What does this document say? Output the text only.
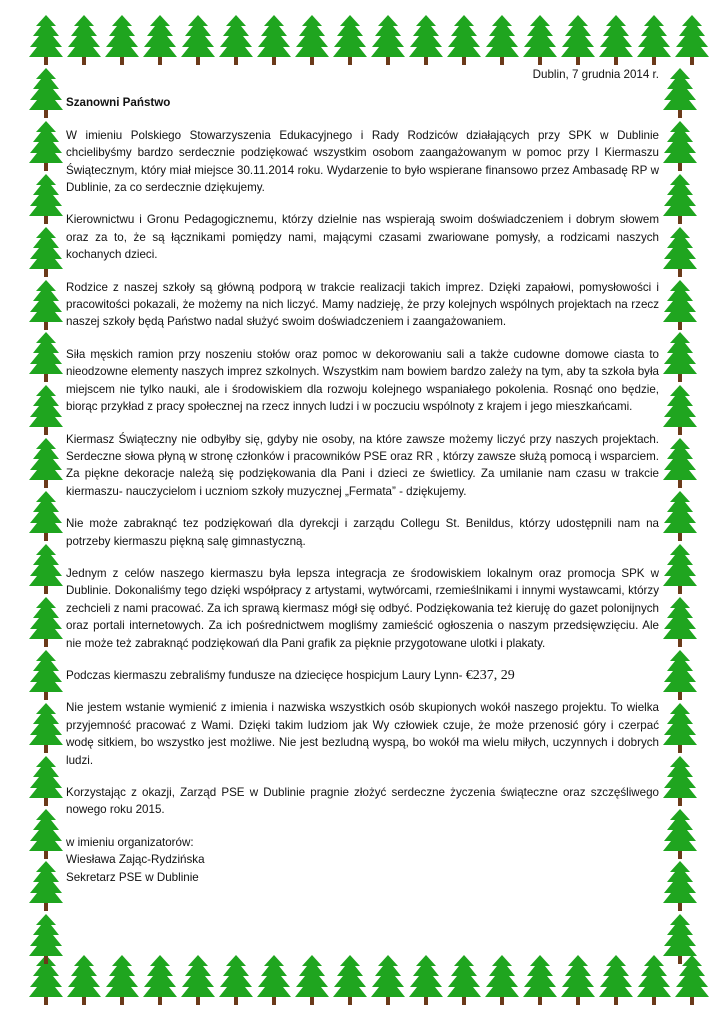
Dublin, 7 grudnia 2014 r.
Szanowni Państwo

W imieniu Polskiego Stowarzyszenia Edukacyjnego i Rady Rodziców działających przy SPK w Dublinie chcielibyśmy bardzo serdecznie podziękować wszystkim osobom zaangażowanym w pomoc przy I Kiermaszu Świątecznym, który miał miejsce 30.11.2014 roku. Wydarzenie to było wspierane finansowo przez Ambasadę RP w Dublinie, za co serdecznie dziękujemy.

Kierownictwu i Gronu Pedagogicznemu, którzy dzielnie nas wspierają swoim doświadczeniem i dobrym słowem oraz za to, że są łącznikami pomiędzy nami, mającymi czasami zwariowane pomysły, a rodzicami naszych kochanych dzieci.

Rodzice z naszej szkoły są główną podporą w trakcie realizacji takich imprez. Dzięki zapałowi, pomysłowości i pracowitości pokazali, że możemy na nich liczyć. Mamy nadzieję, że przy kolejnych wspólnych projektach na rzecz naszej szkoły będą Państwo nadal służyć swoim doświadczeniem i zaangażowaniem.

Siła męskich ramion przy noszeniu stołów oraz pomoc w dekorowaniu sali a także cudowne domowe ciasta to nieodzowne elementy naszych imprez szkolnych. Wszystkim nam bowiem bardzo zależy na tym, aby ta szkoła była miejscem nie tylko nauki, ale i środowiskiem dla rozwoju kolejnego wspaniałego pokolenia. Rosnąć ono będzie, biorąc przykład z pracy społecznej na rzecz innych ludzi i w poczuciu wspólnoty z krajem i jego mieszkańcami.

Kiermasz Świąteczny nie odbyłby się, gdyby nie osoby, na które zawsze możemy liczyć przy naszych projektach. Serdeczne słowa płyną w stronę członków i pracowników PSE oraz RR , którzy zawsze służą pomocą i wsparciem. Za piękne dekoracje należą się podziękowania dla Pani i dzieci ze świetlicy. Za umilanie nam czasu w trakcie kiermaszu- nauczycielom i uczniom szkoły muzycznej „Fermata” - dziękujemy.

Nie może zabraknąć tez podziękowań dla dyrekcji i zarządu Collegu St. Benildus, którzy udostępnili nam na potrzeby kiermaszu piękną salę gimnastyczną.

Jednym z celów naszego kiermaszu była lepsza integracja ze środowiskiem lokalnym oraz promocja SPK w Dublinie. Dokonaliśmy tego dzięki współpracy z artystami, wytwórcami, rzemieślnikami i innymi wystawcami, którzy zechcieli z nami pracować. Za ich sprawą kiermasz mógł się odbyć. Podziękowania też kieruję do gazet polonijnych oraz portali internetowych. Za ich pośrednictwem mogliśmy zamieścić ogłoszenia o naszym przedsięwzięciu. Ale nie może też zabraknąć podziękowań dla Pani grafik za pięknie przygotowane ulotki i plakaty.

Podczas kiermaszu zebraliśmy fundusze na dziecięce hospicjum Laury Lynn- €237, 29

Nie jestem wstanie wymienić z imienia i nazwiska wszystkich osób skupionych wokół naszego projektu. To wielka przyjemność pracować z Wami. Dzięki takim ludziom jak Wy człowiek czuje, że może przenosić góry i czerpać wodę sitkiem, bo wszystko jest możliwe. Nie jest bezludną wyspą, bo wokół ma wielu miłych, uczynnych i dobrych ludzi.

Korzystając z okazji, Zarząd PSE w Dublinie pragnie złożyć serdeczne życzenia świąteczne oraz szczęśliwego nowego roku 2015.

w imieniu organizatorów:
Wiesława Zając-Rydzińska
Sekretarz PSE w Dublinie
